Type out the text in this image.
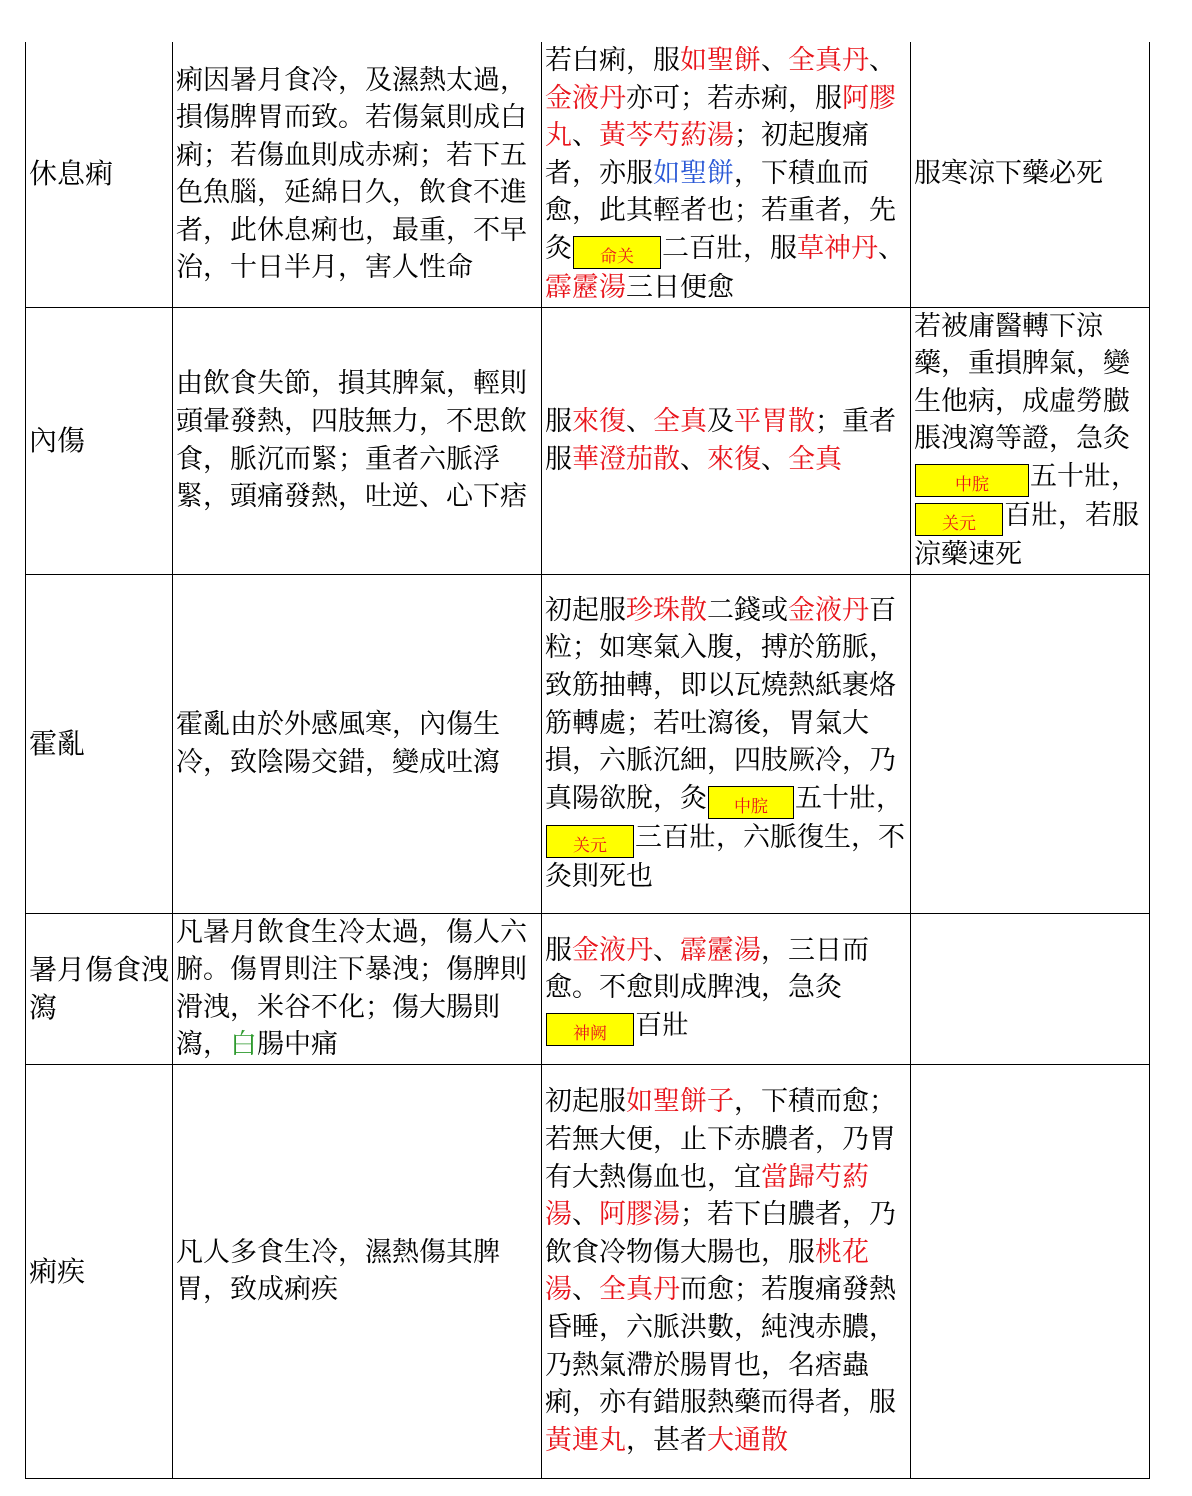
休息痢	痢因暑月食冷，及濕熱太過，損傷脾胃而致。若傷氣則成白痢；若傷血則成赤痢；若下五色魚腦，延綿日久，飲食不進者，此休息痢也，最重，不早治，十日半月，害人性命	若白痢，服如聖餅、全真丹、金液丹亦可；若赤痢，服阿膠丸、黃芩芍葯湯；初起腹痛者，亦服如聖餅，下積血而愈，此其輕者也；若重者，先灸 命关 二百壯，服草神丹、霹靂湯三日便愈	服寒涼下藥必死
內傷	由飲食失節，損其脾氣，輕則頭暈發熱，四肢無力，不思飲食，脈沉而緊；重者六脈浮緊，頭痛發熱，吐逆、心下痞	服來復、全真及平胃散；重者服華澄茄散、來復、全真	若被庸醫轉下涼藥，重損脾氣，變生他病，成虛勞臌脹洩瀉等證，急灸中脘 五十壯，关元 百壯，若服涼藥速死
霍亂	霍亂由於外感風寒，內傷生冷，致陰陽交錯，變成吐瀉	初起服珍珠散二錢或金液丹百粒；如寒氣入腹，搏於筋脈，致筋抽轉，即以瓦燒熱紙裹烙筋轉處；若吐瀉後，胃氣大損，六脈沉細，四肢厥冷，乃真陽欲脫，灸 中脘 五十壯，关元 三百壯，六脈復生，不灸則死也	
暑月傷食洩瀉	凡暑月飲食生冷太過，傷人六腑。傷胃則注下暴洩；傷脾則滑洩，米谷不化；傷大腸則瀉，白腸中痛	服金液丹、霹靂湯，三日而愈。不愈則成脾洩，急灸神阙 百壯	
痢疾	凡人多食生冷，濕熱傷其脾胃，致成痢疾	初起服如聖餅子，下積而愈；若無大便，止下赤膿者，乃胃有大熱傷血也，宜當歸芍葯湯、阿膠湯；若下白膿者，乃飲食冷物傷大腸也，服桃花湯、全真丹而愈；若腹痛發熱昏睡，六脈洪數，純洩赤膿，乃熱氣滯於腸胃也，名痞蟲痢，亦有錯服熱藥而得者，服黃連丸，甚者大通散	
